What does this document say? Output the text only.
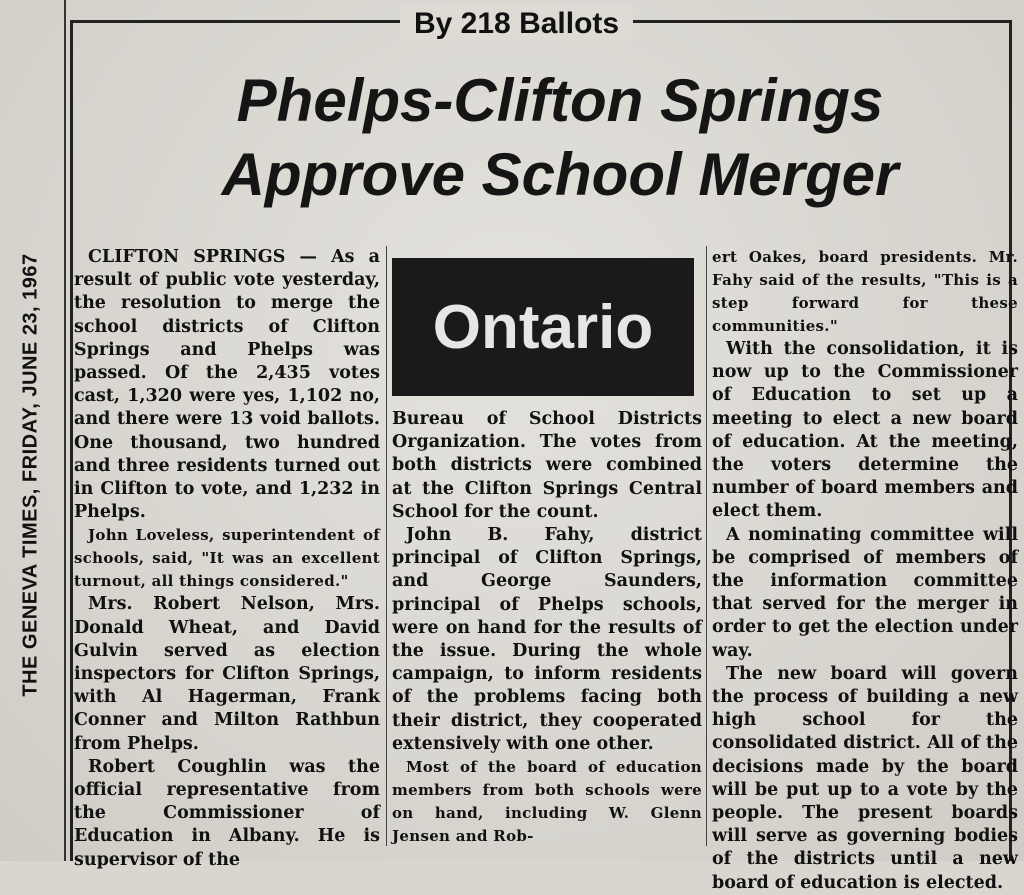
THE GENEVA TIMES, FRIDAY, JUNE 23, 1967
By 218 Ballots
Phelps-Clifton Springs Approve School Merger

CLIFTON SPRINGS — As a result of public vote yesterday, the resolution to merge the school districts of Clifton Springs and Phelps was passed. Of the 2,435 votes cast, 1,320 were yes, 1,102 no, and there were 13 void ballots. One thousand, two hundred and three residents turned out in Clifton to vote, and 1,232 in Phelps.

John Loveless, superintendent of schools, said, "It was an excellent turnout, all things considered."

Mrs. Robert Nelson, Mrs. Donald Wheat, and David Gulvin served as election inspectors for Clifton Springs, with Al Hagerman, Frank Conner and Milton Rathbun from Phelps.

Robert Coughlin was the official representative from the Commissioner of Education in Albany. He is supervisor of the

Ontario

Bureau of School Districts Organization. The votes from both districts were combined at the Clifton Springs Central School for the count.

John B. Fahy, district principal of Clifton Springs, and George Saunders, principal of Phelps schools, were on hand for the results of the issue. During the whole campaign, to inform residents of the problems facing both their district, they cooperated extensively with one other.

Most of the board of education members from both schools were on hand, including W. Glenn Jensen and Rob-

ert Oakes, board presidents. Mr. Fahy said of the results, "This is a step forward for these communities."

With the consolidation, it is now up to the Commissioner of Education to set up a meeting to elect a new board of education. At the meeting, the voters determine the number of board members and elect them.

A nominating committee will be comprised of members of the information committee that served for the merger in order to get the election under way.

The new board will govern the process of building a new high school for the consolidated district. All of the decisions made by the board will be put up to a vote by the people. The present boards will serve as governing bodies of the districts until a new board of education is elected.
